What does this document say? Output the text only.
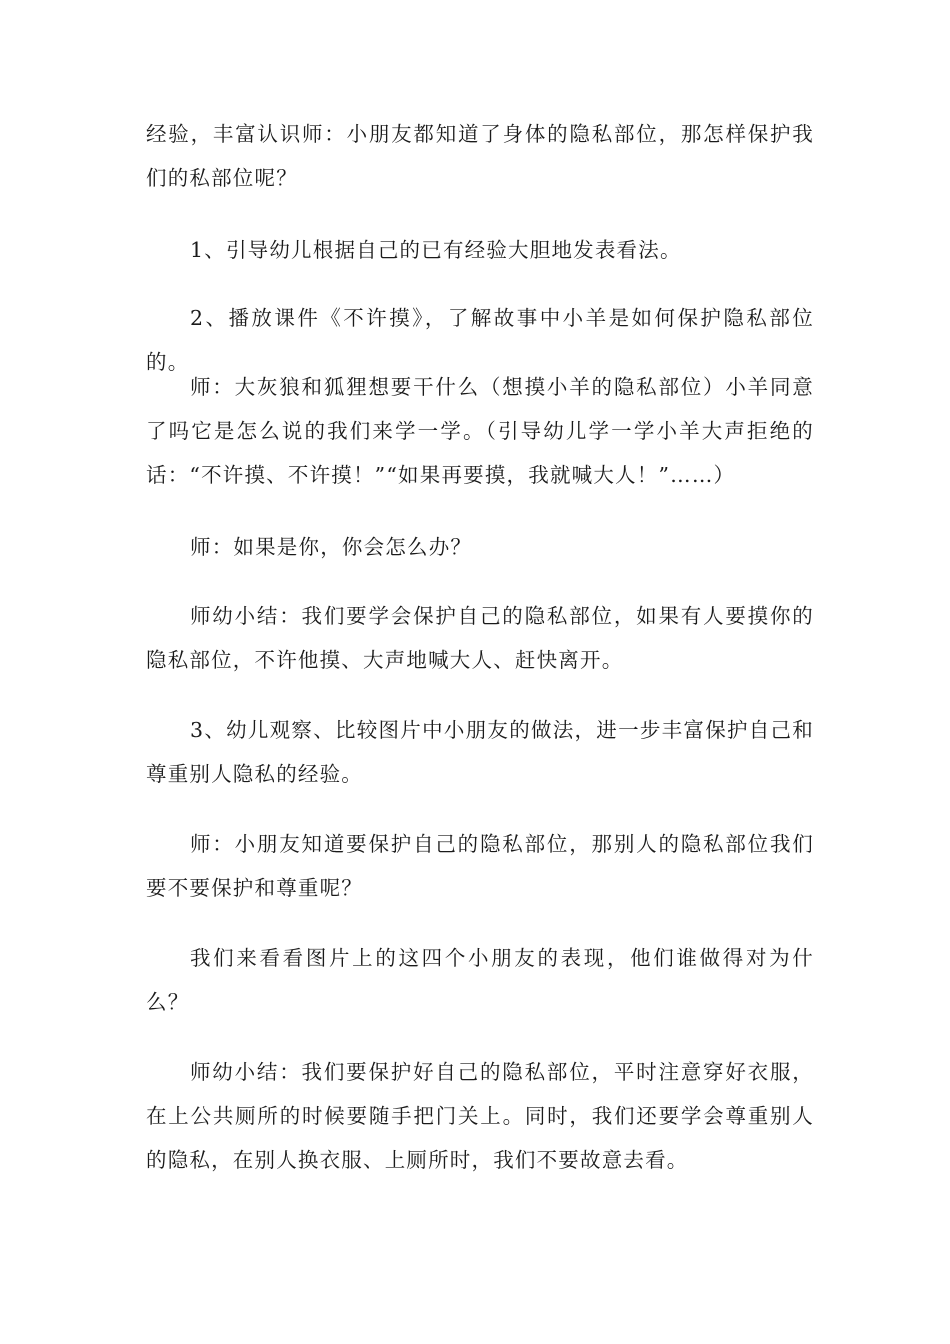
经验，丰富认识师：小朋友都知道了身体的隐私部位，那怎样保护我们的私部位呢？

1、引导幼儿根据自己的已有经验大胆地发表看法。

2、播放课件《不许摸》，了解故事中小羊是如何保护隐私部位的。

师：大灰狼和狐狸想要干什么（想摸小羊的隐私部位）小羊同意了吗它是怎么说的我们来学一学。（引导幼儿学一学小羊大声拒绝的话：“不许摸、不许摸！”“如果再要摸，我就喊大人！”……）

师：如果是你，你会怎么办？

师幼小结：我们要学会保护自己的隐私部位，如果有人要摸你的隐私部位，不许他摸、大声地喊大人、赶快离开。

3、幼儿观察、比较图片中小朋友的做法，进一步丰富保护自己和尊重别人隐私的经验。

师：小朋友知道要保护自己的隐私部位，那别人的隐私部位我们要不要保护和尊重呢？

我们来看看图片上的这四个小朋友的表现，他们谁做得对为什么？

师幼小结：我们要保护好自己的隐私部位，平时注意穿好衣服，在上公共厕所的时候要随手把门关上。同时，我们还要学会尊重别人的隐私，在别人换衣服、上厕所时，我们不要故意去看。
